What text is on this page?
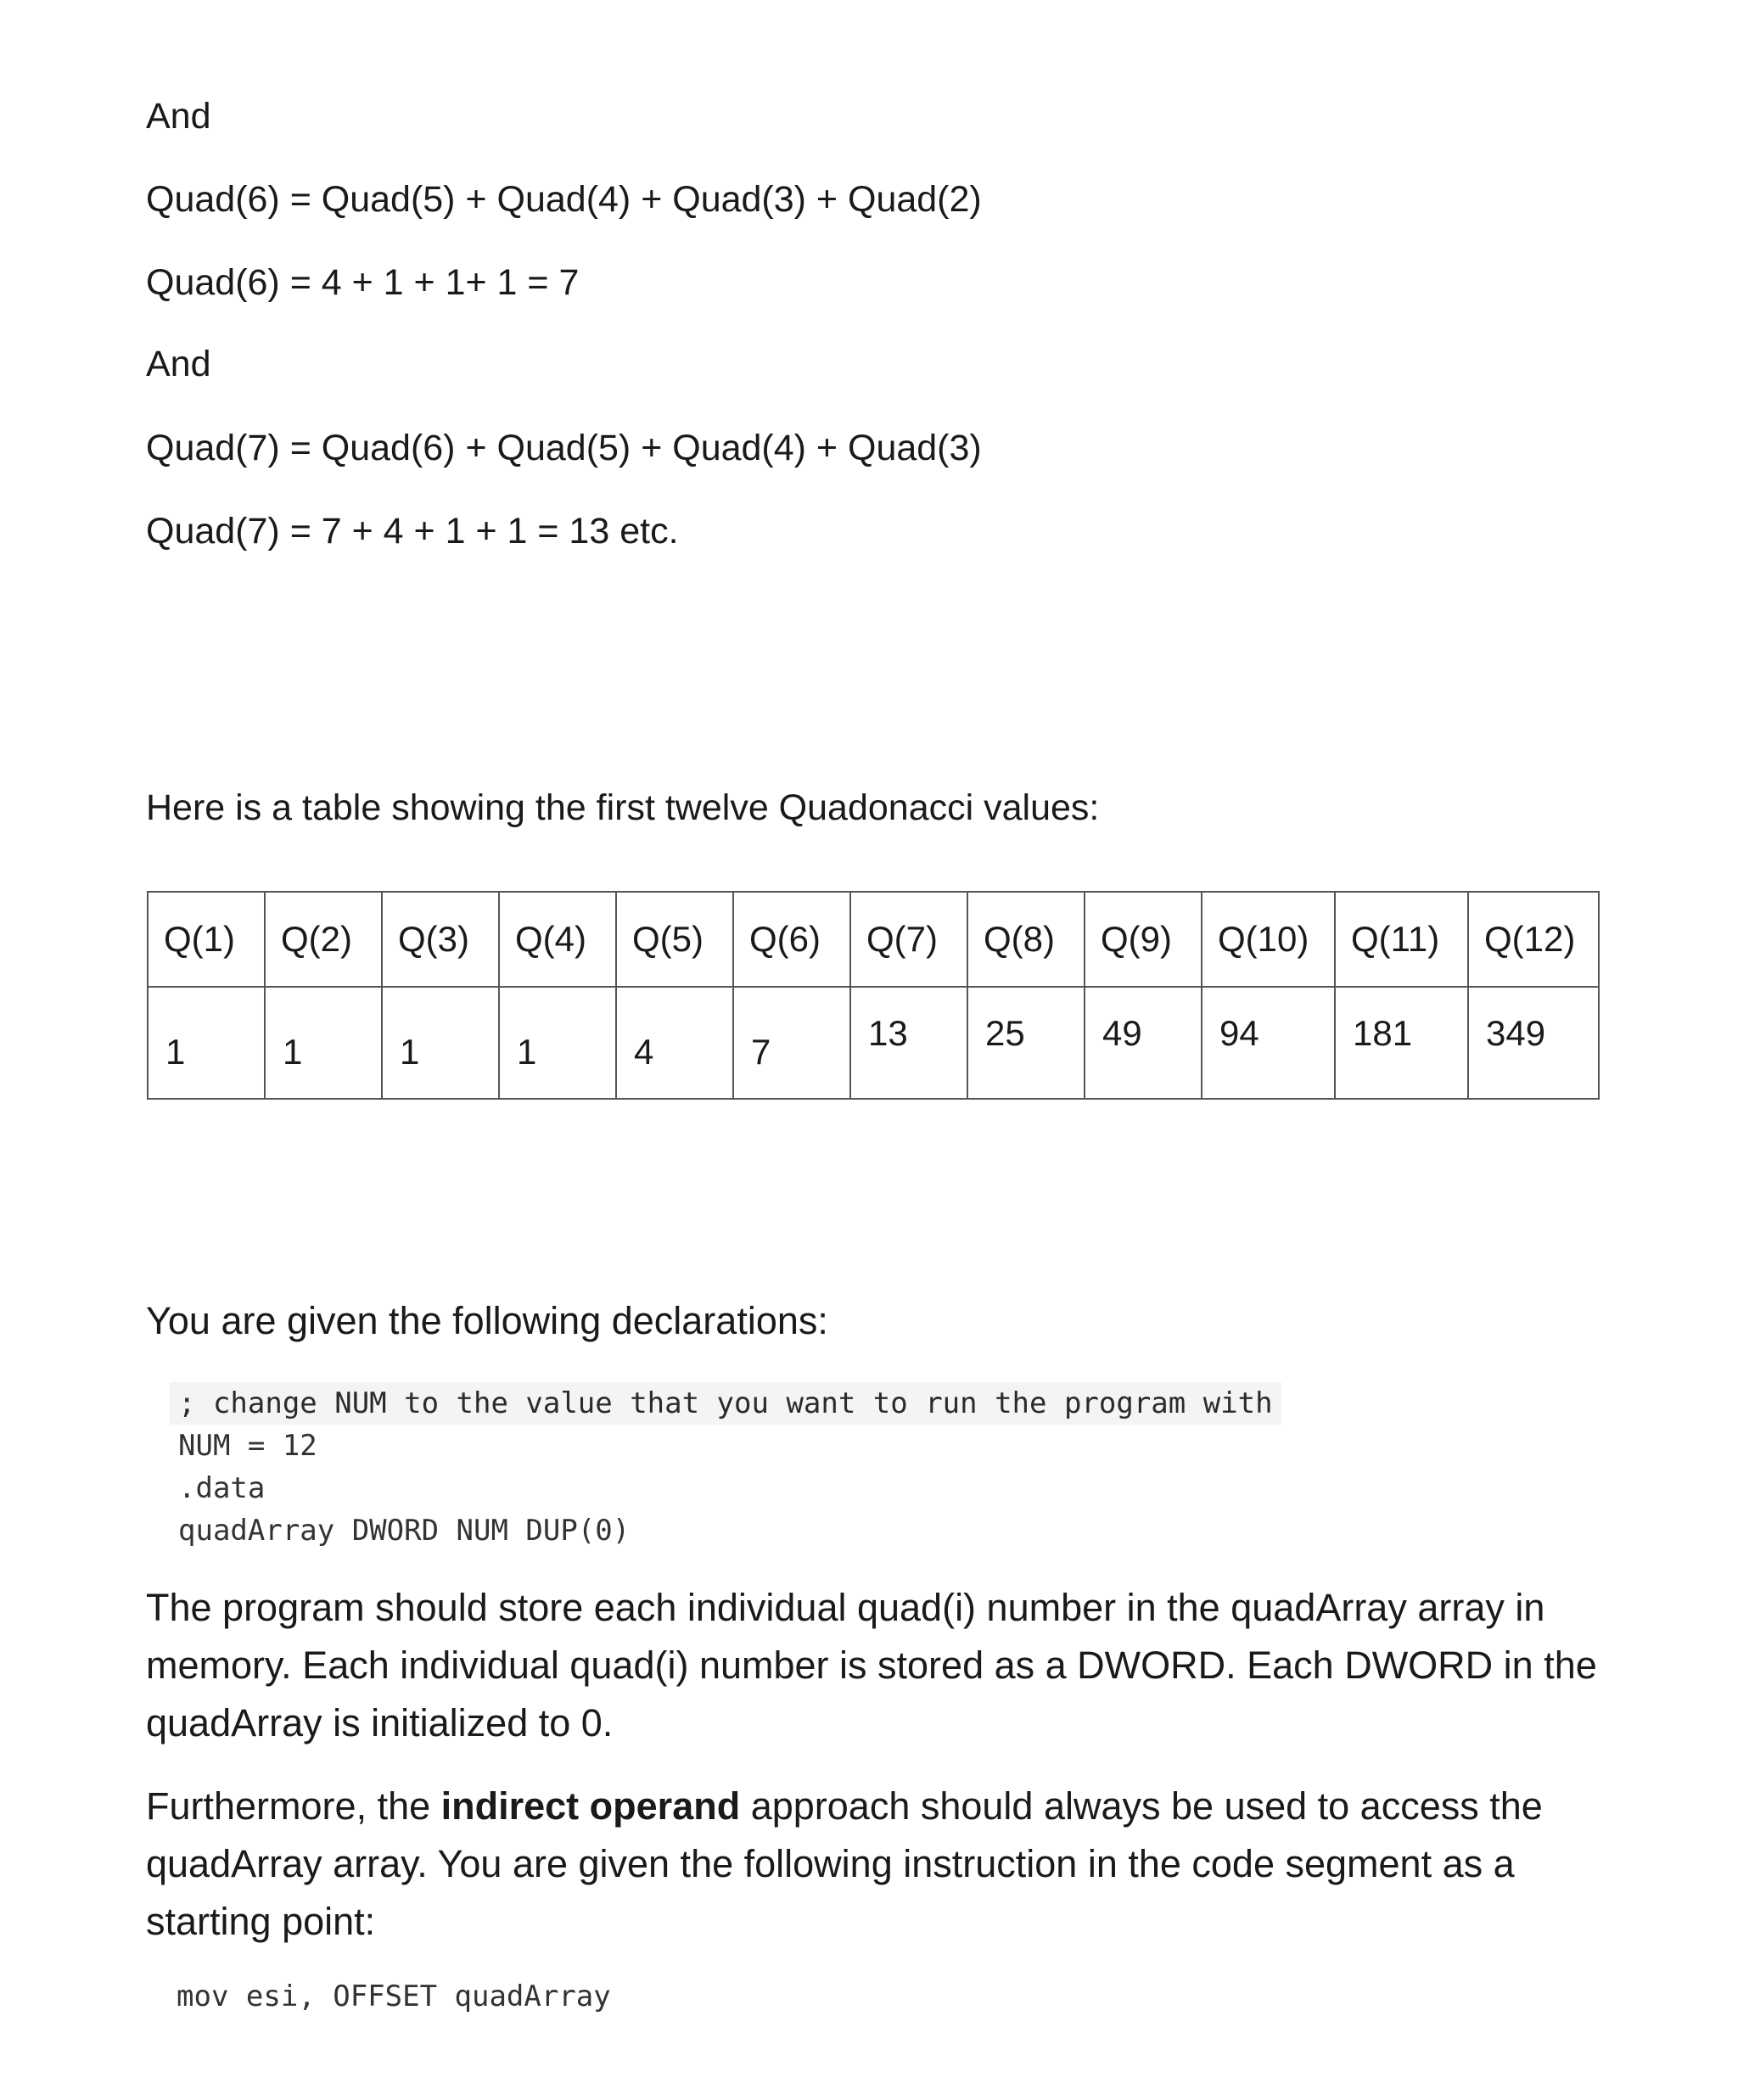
And
Quad(6) = Quad(5) + Quad(4) + Quad(3) + Quad(2)
Quad(6) = 4 + 1 + 1+ 1 = 7
And
Quad(7) = Quad(6) + Quad(5) + Quad(4) + Quad(3)
Quad(7) = 7 + 4 + 1 + 1 = 13 etc.
Here is a table showing the first twelve Quadonacci values:
Q(1)	Q(2)	Q(3)	Q(4)	Q(5)	Q(6)	Q(7)	Q(8)	Q(9)	Q(10)	Q(11)	Q(12)
1	1	1	1	4	7	13	25	49	94	181	349
You are given the following declarations:
; change NUM to the value that you want to run the program with
NUM = 12
.data
quadArray DWORD NUM DUP(0)
The program should store each individual quad(i) number in the quadArray array in memory. Each individual quad(i) number is stored as a DWORD. Each DWORD in the quadArray is initialized to 0.
Furthermore, the indirect operand approach should always be used to access the quadArray array. You are given the following instruction in the code segment as a starting point:
mov esi, OFFSET quadArray
